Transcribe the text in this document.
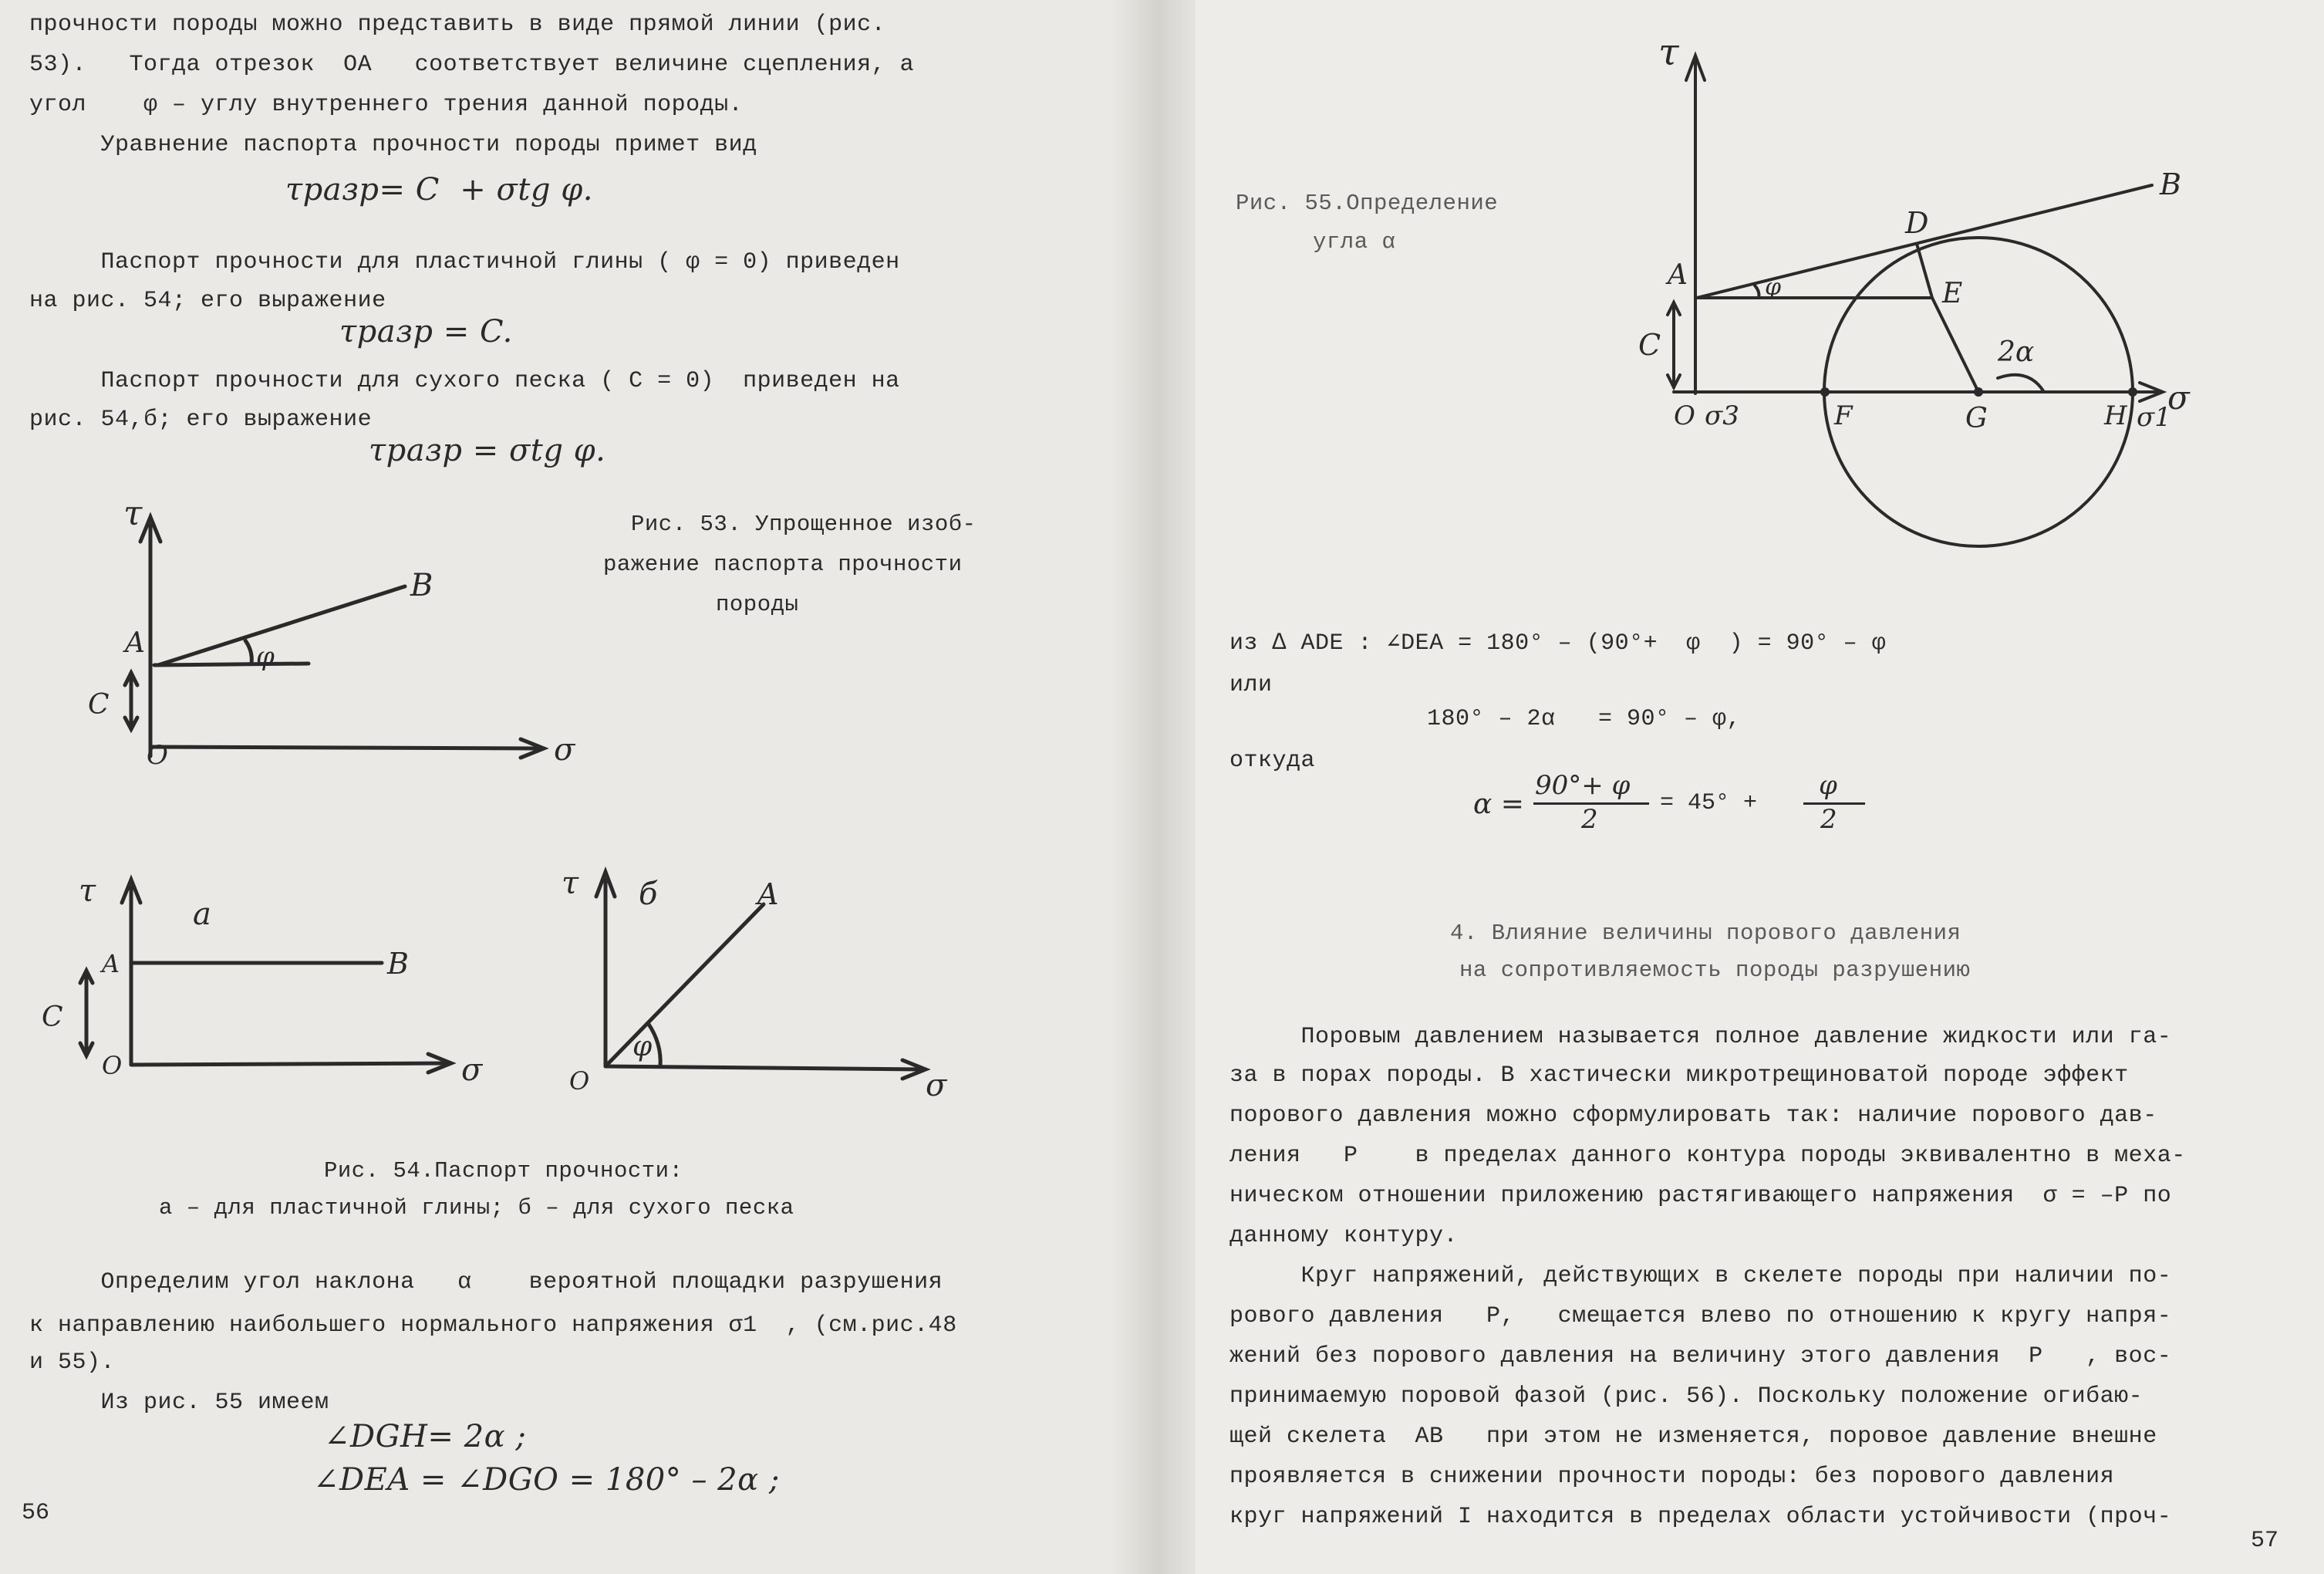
прочности породы можно представить в виде прямой линии (рис.
53).   Тогда отрезок  OA   соответствует величине сцепления, а
угол    φ – углу внутреннего трения данной породы.
Уравнение паспорта прочности породы примет вид
τразр= C  + σtg φ.
Паспорт прочности для пластичной глины ( φ = 0) приведен
на рис. 54; его выражение
τразр = C.
Паспорт прочности для сухого песка ( C = 0)  приведен на
рис. 54,б; его выражение
τразр = σtg φ.
τ
B
A	φ
C
O	σ
Рис. 53. Упрощенное изоб-
ражение паспорта прочности
породы
τ
a
A	B
C
O	σ
τ б	A
φ
O	σ
Рис. 54.Паспорт прочности:
а – для пластичной глины; б – для сухого песка
Определим угол наклона   α    вероятной площадки разрушения
к направлению наибольшего нормального напряжения σ1  , (см.рис.48
и 55).
Из рис. 55 имеем
∠DGH= 2α ;
∠DEA = ∠DGO = 180° – 2α ;
56
Рис. 55.Определение
угла α
τ
B
D
A	φ	E
C	2α
O σ3	F	G	H σ1
σ
из ∆ ADE : ∠DEA = 180° – (90°+  φ  ) = 90° – φ
или
180° – 2α   = 90° – φ,
откуда
α =
90°+ φ
2
= 45° +
φ
2
4. Влияние величины порового давления
на сопротивляемость породы разрушению
Поровым давлением называется полное давление жидкости или га-
за в порах породы. В хастически микротрещиноватой породе эффект
порового давления можно сформулировать так: наличие порового дав-
ления   P    в пределах данного контура породы эквивалентно в меха-
ническом отношении приложению растягивающего напряжения  σ = –P по
данному контуру.
Круг напряжений, действующих в скелете породы при наличии по-
рового давления   P,   смещается влево по отношению к кругу напря-
жений без порового давления на величину этого давления  P   , вос-
принимаемую поровой фазой (рис. 56). Поскольку положение огибаю-
щей скелета  AB   при этом не изменяется, поровое давление внешне
проявляется в снижении прочности породы: без порового давления
круг напряжений I находится в пределах области устойчивости (проч-
57
